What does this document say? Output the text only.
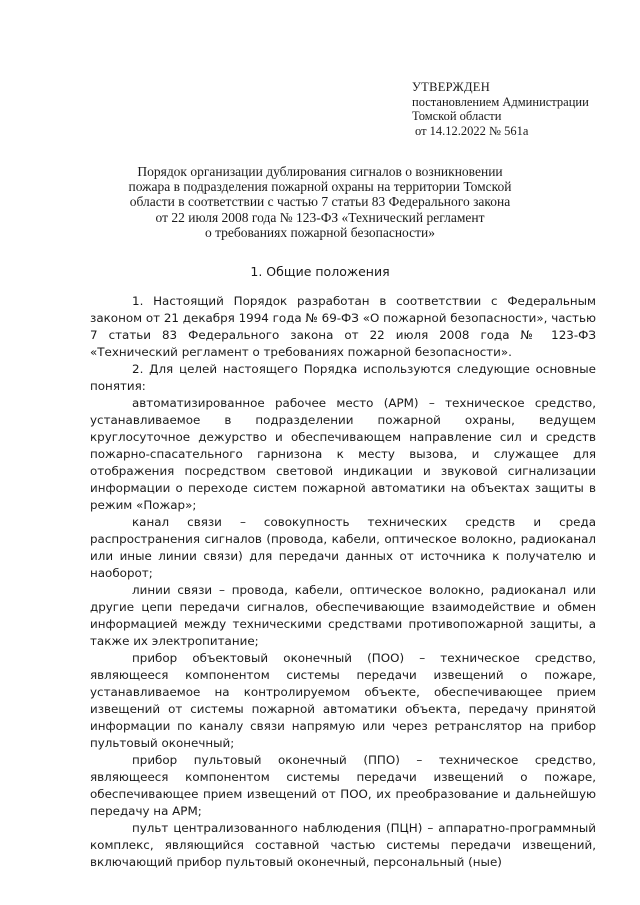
УТВЕРЖДЕН
постановлением Администрации
Томской области
от 14.12.2022 № 561а
Порядок организации дублирования сигналов о возникновении
пожара в подразделения пожарной охраны на территории Томской
области в соответствии с частью 7 статьи 83 Федерального закона
от 22 июля 2008 года № 123-ФЗ «Технический регламент
о требованиях пожарной безопасности»
1. Общие положения

1. Настоящий Порядок разработан в соответствии с Федеральным законом от 21 декабря 1994 года № 69-ФЗ «О пожарной безопасности», частью 7 статьи 83 Федерального закона от 22 июля 2008 года № 123-ФЗ «Технический регламент о требованиях пожарной безопасности».

2. Для целей настоящего Порядка используются следующие основные понятия:

автоматизированное рабочее место (АРМ) – техническое средство, устанавливаемое в подразделении пожарной охраны, ведущем круглосуточное дежурство и обеспечивающем направление сил и средств пожарно-спасательного гарнизона к месту вызова, и служащее для отображения посредством световой индикации и звуковой сигнализации информации о переходе систем пожарной автоматики на объектах защиты в режим «Пожар»;

канал связи – совокупность технических средств и среда распространения сигналов (провода, кабели, оптическое волокно, радиоканал или иные линии связи) для передачи данных от источника к получателю и наоборот;

линии связи – провода, кабели, оптическое волокно, радиоканал или другие цепи передачи сигналов, обеспечивающие взаимодействие и обмен информацией между техническими средствами противопожарной защиты, а также их электропитание;

прибор объектовый оконечный (ПОО) – техническое средство, являющееся компонентом системы передачи извещений о пожаре, устанавливаемое на контролируемом объекте, обеспечивающее прием извещений от системы пожарной автоматики объекта, передачу принятой информации по каналу связи напрямую или через ретранслятор на прибор пультовый оконечный;

прибор пультовый оконечный (ППО) – техническое средство, являющееся компонентом системы передачи извещений о пожаре, обеспечивающее прием извещений от ПОО, их преобразование и дальнейшую передачу на АРМ;

пульт централизованного наблюдения (ПЦН) – аппаратно-программный комплекс, являющийся составной частью системы передачи извещений, включающий прибор пультовый оконечный, персональный (ные)
